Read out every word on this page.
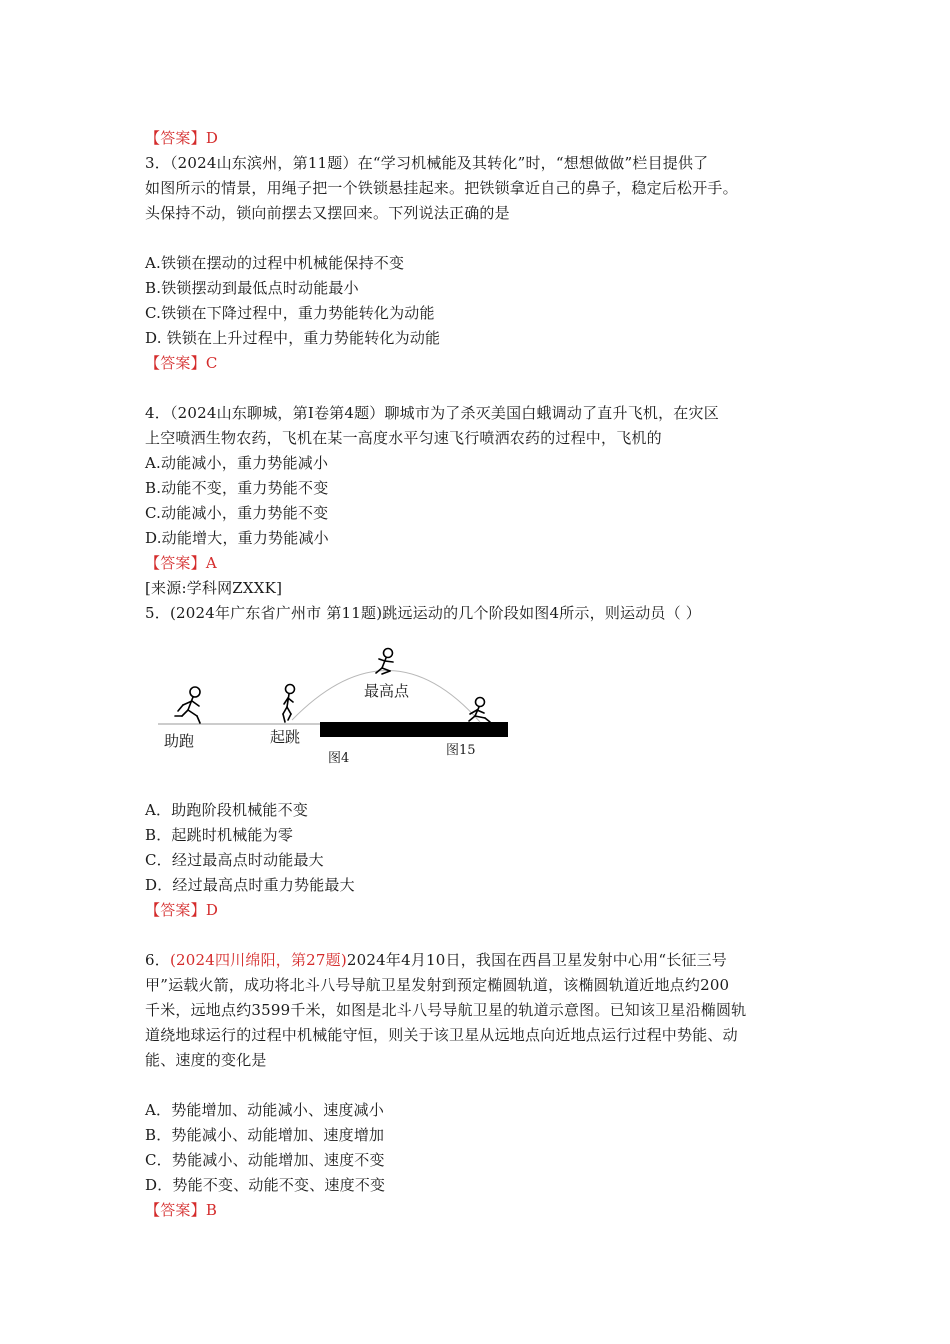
【答案】D
3．（2024山东滨州，第11题）在“学习机械能及其转化”时，“想想做做”栏目提供了
如图所示的情景，用绳子把一个铁锁悬挂起来。把铁锁拿近自己的鼻子，稳定后松开手。
头保持不动，锁向前摆去又摆回来。下列说法正确的是
A.铁锁在摆动的过程中机械能保持不变
B.铁锁摆动到最低点时动能最小
C.铁锁在下降过程中，重力势能转化为动能
D. 铁锁在上升过程中，重力势能转化为动能
【答案】C
4．（2024山东聊城，第Ⅰ卷第4题）聊城市为了杀灭美国白蛾调动了直升飞机，在灾区
上空喷洒生物农药，飞机在某一高度水平匀速飞行喷洒农药的过程中，飞机的
A.动能减小，重力势能减小
B.动能不变，重力势能不变
C.动能减小，重力势能不变
D.动能增大，重力势能减小
【答案】A
[来源:学科网ZXXK]
5．(2024年广东省广州市 第11题)跳远运动的几个阶段如图4所示，则运动员（ ）
助跑	起跳
最高点
图4
图15
A．助跑阶段机械能不变
B．起跳时机械能为零
C．经过最高点时动能最大
D．经过最高点时重力势能最大
【答案】D
6．(2024四川绵阳，第27题)2024年4月10日，我国在西昌卫星发射中心用“长征三号
甲”运载火箭，成功将北斗八号导航卫星发射到预定椭圆轨道，该椭圆轨道近地点约200
千米，远地点约3599千米，如图是北斗八号导航卫星的轨道示意图。已知该卫星沿椭圆轨
道绕地球运行的过程中机械能守恒，则关于该卫星从远地点向近地点运行过程中势能、动
能、速度的变化是
A．势能增加、动能减小、速度减小
B．势能减小、动能增加、速度增加
C．势能减小、动能增加、速度不变
D．势能不变、动能不变、速度不变
【答案】B
